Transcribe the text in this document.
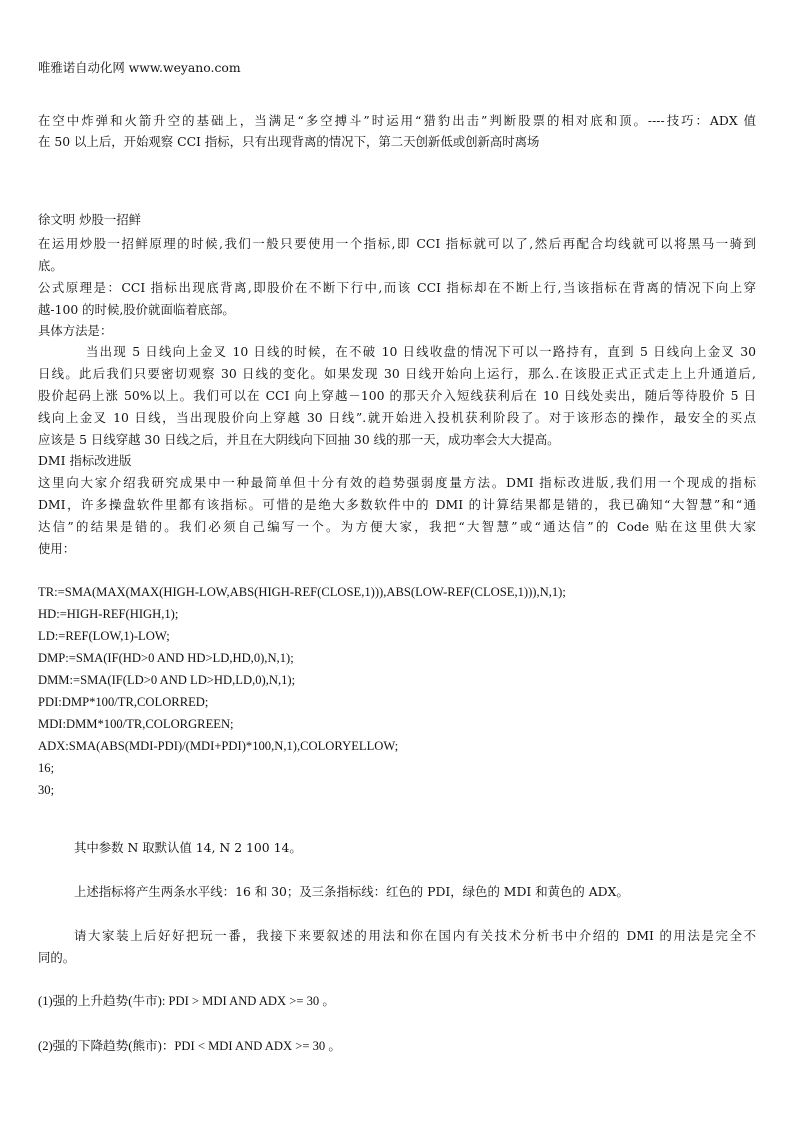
唯雅诺自动化网 www.weyano.com
在空中炸弹和火箭升空的基础上，当满足“多空搏斗”时运用“猎豹出击”判断股票的相对底和顶。----技巧：ADX 值
在 50 以上后，开始观察 CCI 指标，只有出现背离的情况下，第二天创新低或创新高时离场
徐文明 炒股一招鲜
在运用炒股一招鲜原理的时候,我们一般只要使用一个指标,即 CCI 指标就可以了,然后再配合均线就可以将黑马一骑到
底。
公式原理是：CCI 指标出现底背离,即股价在不断下行中,而该 CCI 指标却在不断上行,当该指标在背离的情况下向上穿
越-100 的时候,股价就面临着底部。
具体方法是：
当出现 5 日线向上金叉 10 日线的时候，在不破 10 日线收盘的情况下可以一路持有，直到 5 日线向上金叉 30
日线。此后我们只要密切观察 30 日线的变化。如果发现 30 日线开始向上运行，那么.在该股正式正式走上上升通道后,
股价起码上涨 50%以上。我们可以在 CCI 向上穿越－100 的那天介入短线获利后在 10 日线处卖出，随后等待股价 5 日
线向上金叉 10 日线，当出现股价向上穿越 30 日线”.就开始进入投机获利阶段了。对于该形态的操作，最安全的买点
应该是 5 日线穿越 30 日线之后，并且在大阴线向下回抽 30 线的那一天，成功率会大大提高。
DMI 指标改进版
这里向大家介绍我研究成果中一种最简单但十分有效的趋势强弱度量方法。DMI 指标改进版,我们用一个现成的指标
DMI，许多操盘软件里都有该指标。可惜的是绝大多数软件中的 DMI 的计算结果都是错的，我已确知“大智慧”和“通
达信”的结果是错的。我们必须自己编写一个。为方便大家，我把“大智慧”或“通达信”的 Code 贴在这里供大家
使用：
TR:=SMA(MAX(MAX(HIGH-LOW,ABS(HIGH-REF(CLOSE,1))),ABS(LOW-REF(CLOSE,1))),N,1);
HD:=HIGH-REF(HIGH,1);
LD:=REF(LOW,1)-LOW;
DMP:=SMA(IF(HD>0 AND HD>LD,HD,0),N,1);
DMM:=SMA(IF(LD>0 AND LD>HD,LD,0),N,1);
PDI:DMP*100/TR,COLORRED;
MDI:DMM*100/TR,COLORGREEN;
ADX:SMA(ABS(MDI-PDI)/(MDI+PDI)*100,N,1),COLORYELLOW;
16;
30;
其中参数 N 取默认值 14, N 2 100 14。
上述指标将产生两条水平线：16 和 30；及三条指标线：红色的 PDI，绿色的 MDI 和黄色的 ADX。
请大家装上后好好把玩一番，我接下来要叙述的用法和你在国内有关技术分析书中介绍的 DMI 的用法是完全不
同的。
(1)强的上升趋势(牛市): PDI > MDI AND ADX >= 30 。
(2)强的下降趋势(熊市)：PDI < MDI AND ADX >= 30 。
